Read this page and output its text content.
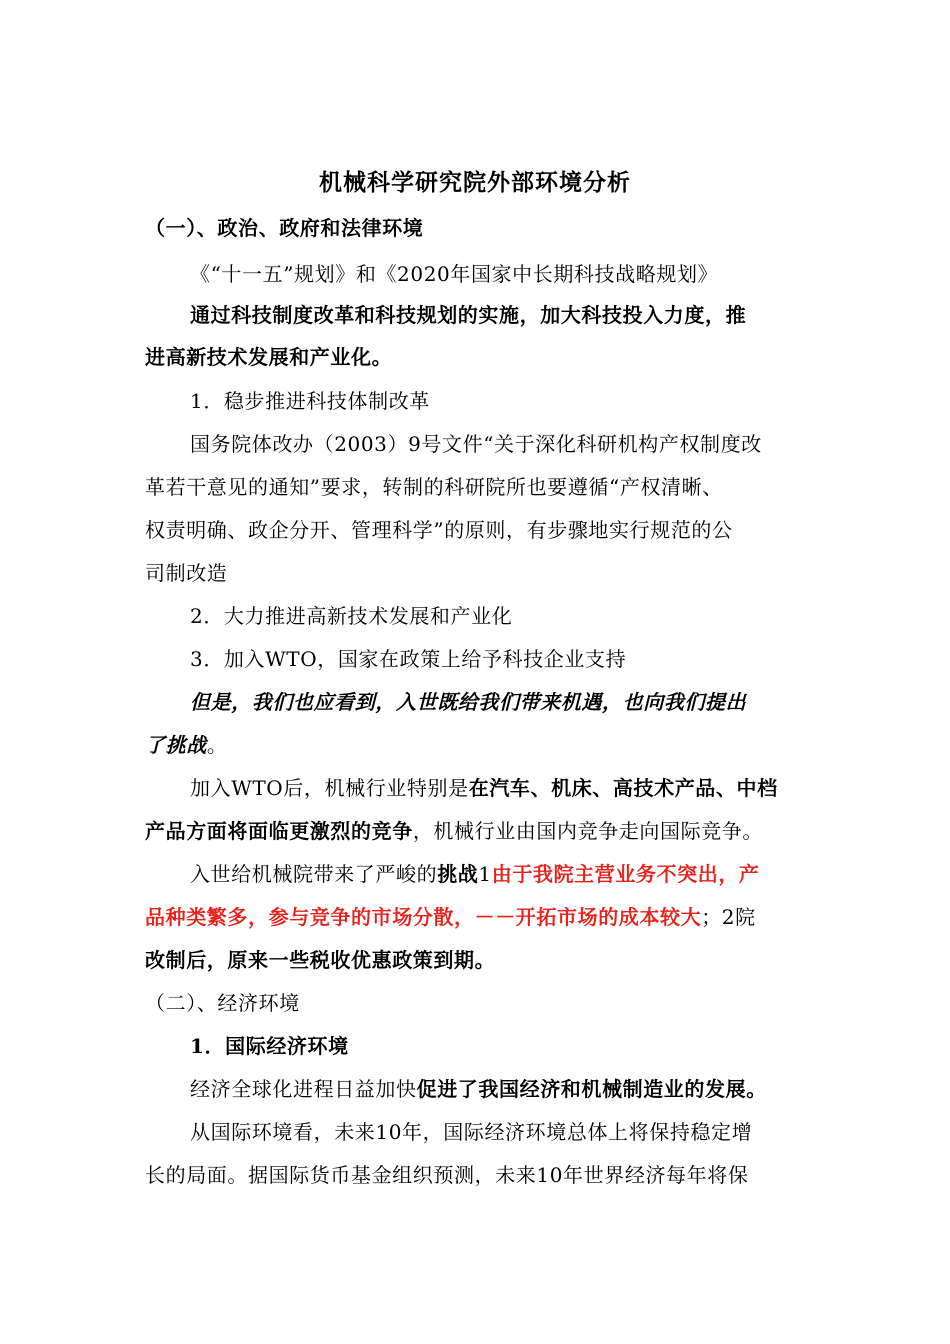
机械科学研究院外部环境分析
（一）、政治、政府和法律环境
《“十一五”规划》和《2020年国家中长期科技战略规划》
通过科技制度改革和科技规划的实施，加大科技投入力度，推
进高新技术发展和产业化。
1．稳步推进科技体制改革
国务院体改办（2003）9号文件“关于深化科研机构产权制度改
革若干意见的通知”要求，转制的科研院所也要遵循“产权清晰、
权责明确、政企分开、管理科学”的原则，有步骤地实行规范的公
司制改造
2．大力推进高新技术发展和产业化
3．加入WTO，国家在政策上给予科技企业支持
但是，我们也应看到，入世既给我们带来机遇，也向我们提出
了挑战。
加入WTO后，机械行业特别是在汽车、机床、高技术产品、中档
产品方面将面临更激烈的竞争，机械行业由国内竞争走向国际竞争。
入世给机械院带来了严峻的挑战1由于我院主营业务不突出，产
品种类繁多，参与竞争的市场分散，－－开拓市场的成本较大；2院
改制后，原来一些税收优惠政策到期。
（二）、经济环境
1．国际经济环境
经济全球化进程日益加快促进了我国经济和机械制造业的发展。
从国际环境看，未来10年，国际经济环境总体上将保持稳定增
长的局面。据国际货币基金组织预测，未来10年世界经济每年将保
